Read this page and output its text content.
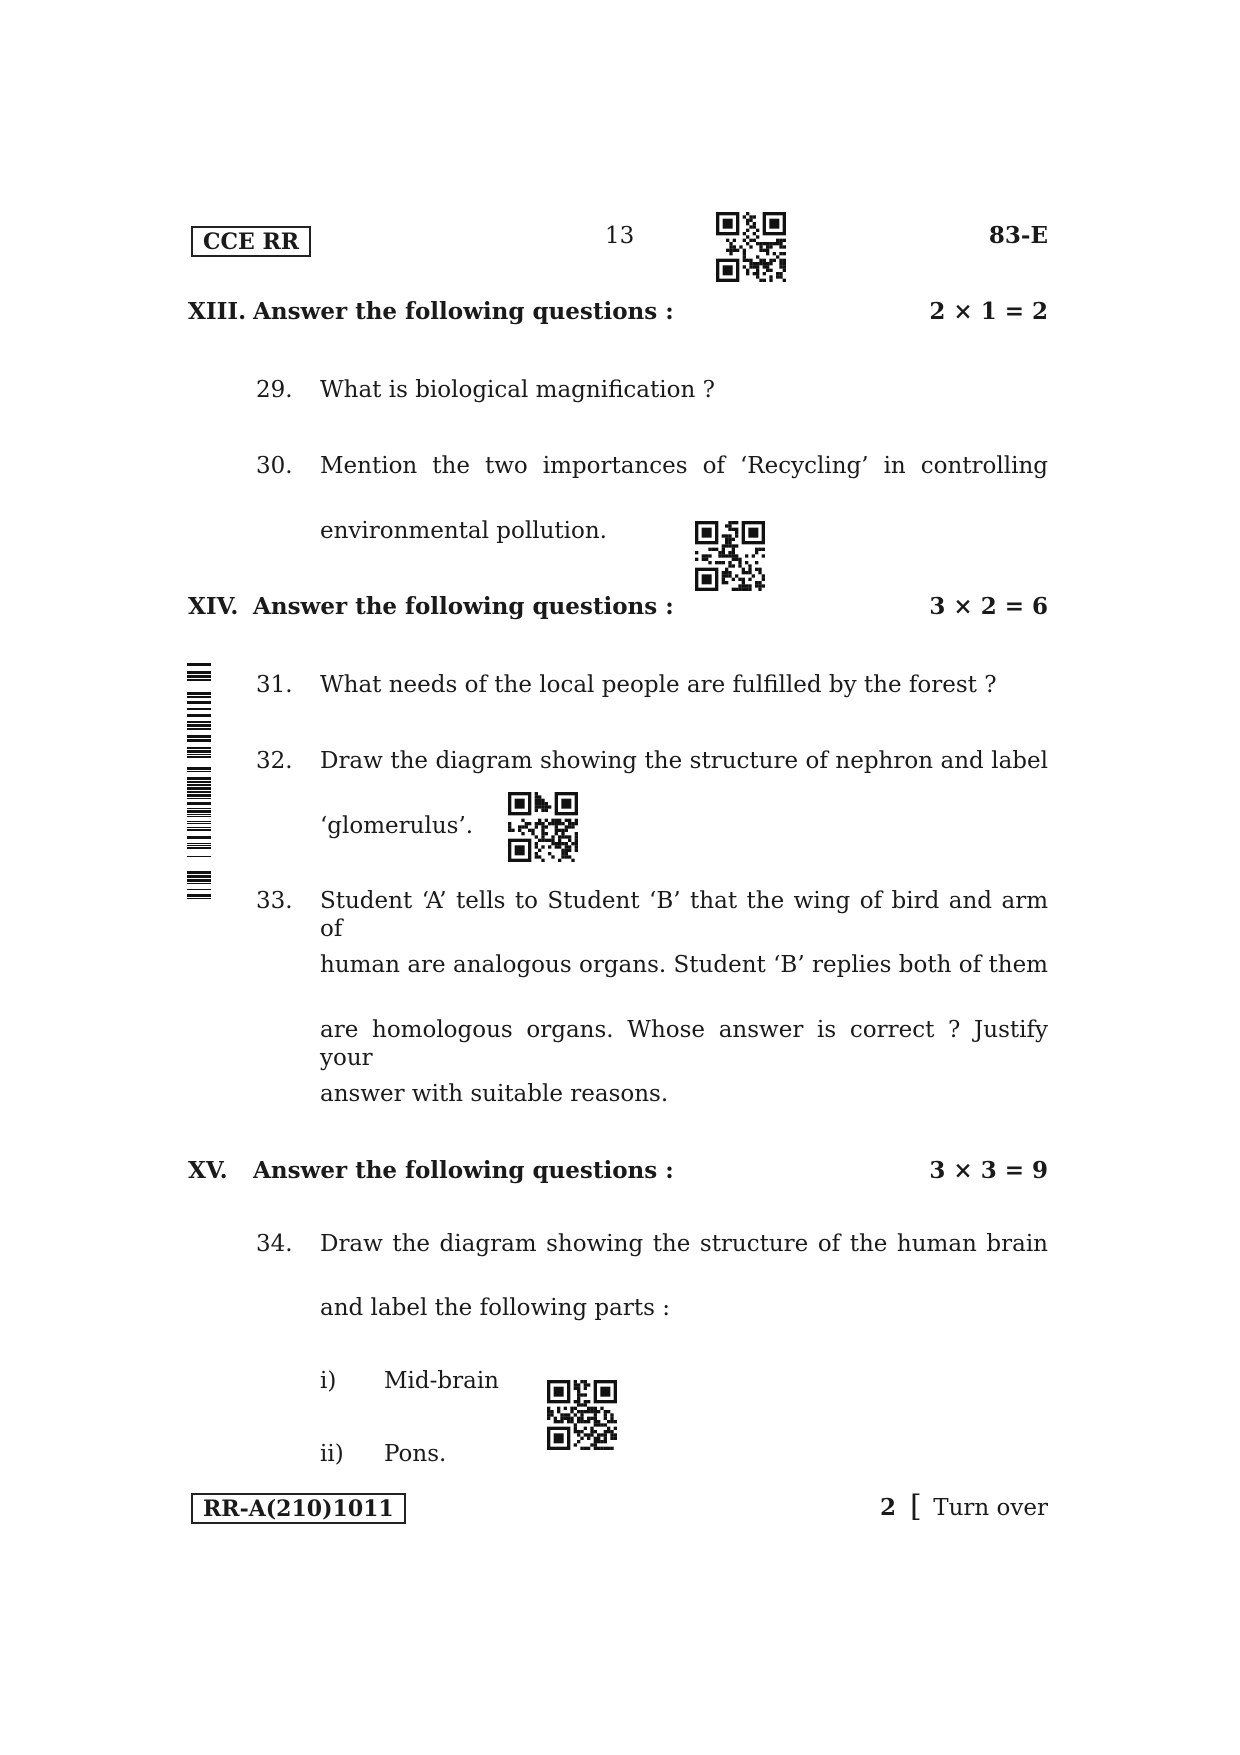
CCE RR	13	83-E
XIII. Answer the following questions :	2 × 1 = 2
29. What is biological magnification ?
30. Mention the two importances of ‘Recycling’ in controlling
environmental pollution.
XIV. Answer the following questions :	3 × 2 = 6
31. What needs of the local people are fulfilled by the forest ?
32. Draw the diagram showing the structure of nephron and label
‘glomerulus’.
33. Student ‘A’ tells to Student ‘B’ that the wing of bird and arm of
human are analogous organs. Student ‘B’ replies both of them
are homologous organs. Whose answer is correct ? Justify your
answer with suitable reasons.
XV. Answer the following questions :	3 × 3 = 9
34. Draw the diagram showing the structure of the human brain
and label the following parts :
i) Mid-brain
ii) Pons.
RR-A(210)1011	2 [ Turn over
